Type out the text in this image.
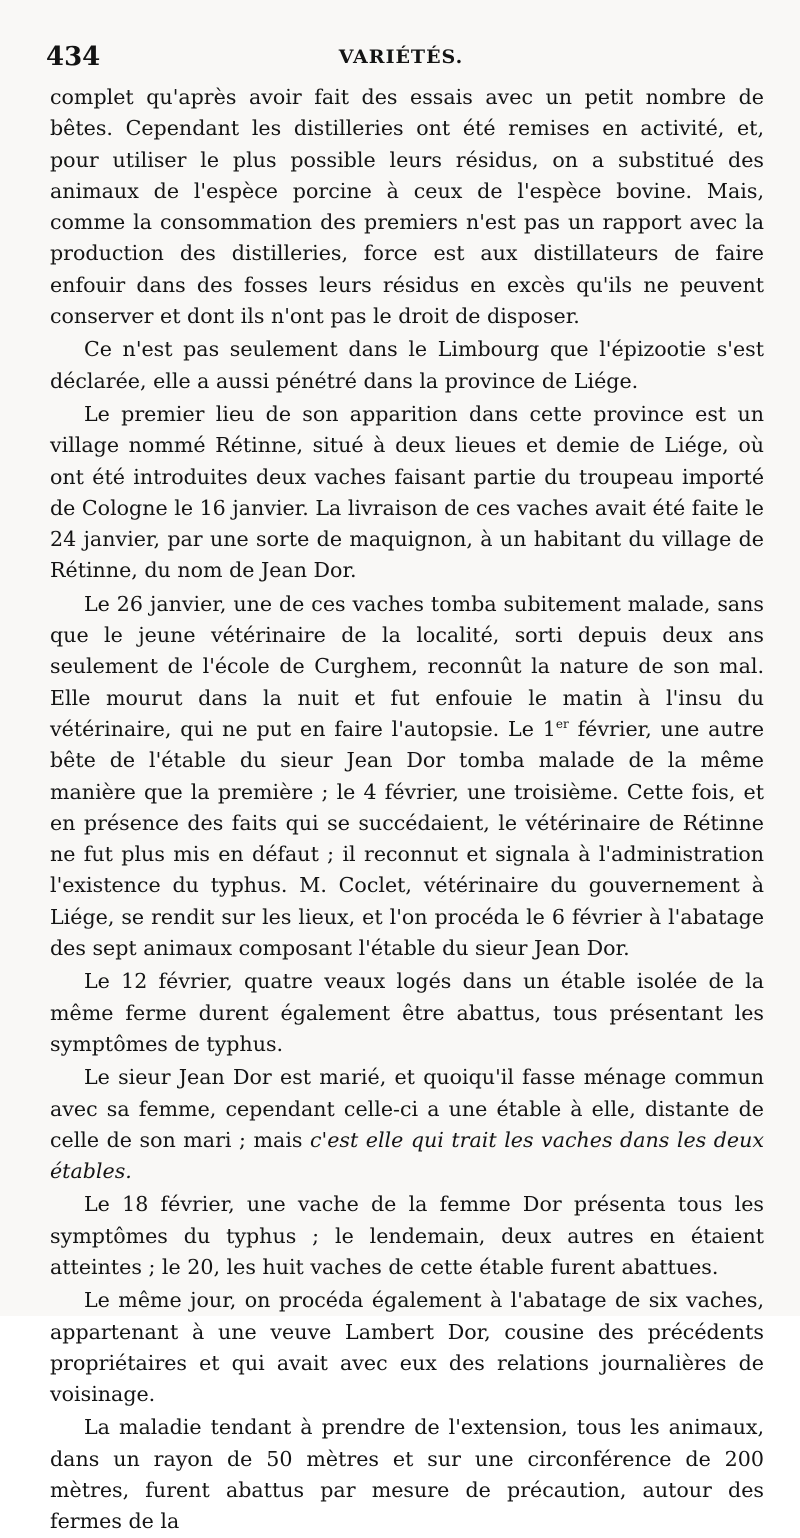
434	VARIÉTÉS.

complet qu'après avoir fait des essais avec un petit nombre de bêtes. Cependant les distilleries ont été remises en activité, et, pour utiliser le plus possible leurs résidus, on a substitué des animaux de l'espèce porcine à ceux de l'espèce bovine. Mais, comme la consommation des premiers n'est pas un rapport avec la production des distilleries, force est aux distillateurs de faire enfouir dans des fosses leurs résidus en excès qu'ils ne peuvent conserver et dont ils n'ont pas le droit de disposer.

Ce n'est pas seulement dans le Limbourg que l'épizootie s'est déclarée, elle a aussi pénétré dans la province de Liége.

Le premier lieu de son apparition dans cette province est un village nommé Rétinne, situé à deux lieues et demie de Liége, où ont été introduites deux vaches faisant partie du troupeau importé de Cologne le 16 janvier. La livraison de ces vaches avait été faite le 24 janvier, par une sorte de maquignon, à un habitant du village de Rétinne, du nom de Jean Dor.

Le 26 janvier, une de ces vaches tomba subitement malade, sans que le jeune vétérinaire de la localité, sorti depuis deux ans seulement de l'école de Curghem, reconnût la nature de son mal. Elle mourut dans la nuit et fut enfouie le matin à l'insu du vétérinaire, qui ne put en faire l'autopsie. Le 1er février, une autre bête de l'étable du sieur Jean Dor tomba malade de la même manière que la première ; le 4 février, une troisième. Cette fois, et en présence des faits qui se succédaient, le vétérinaire de Rétinne ne fut plus mis en défaut ; il reconnut et signala à l'administration l'existence du typhus. M. Coclet, vétérinaire du gouvernement à Liége, se rendit sur les lieux, et l'on procéda le 6 février à l'abatage des sept animaux composant l'étable du sieur Jean Dor.

Le 12 février, quatre veaux logés dans un étable isolée de la même ferme durent également être abattus, tous présentant les symptômes de typhus.

Le sieur Jean Dor est marié, et quoiqu'il fasse ménage commun avec sa femme, cependant celle-ci a une étable à elle, distante de celle de son mari ; mais c'est elle qui trait les vaches dans les deux étables.

Le 18 février, une vache de la femme Dor présenta tous les symptômes du typhus ; le lendemain, deux autres en étaient atteintes ; le 20, les huit vaches de cette étable furent abattues.

Le même jour, on procéda également à l'abatage de six vaches, appartenant à une veuve Lambert Dor, cousine des précédents propriétaires et qui avait avec eux des relations journalières de voisinage.

La maladie tendant à prendre de l'extension, tous les animaux, dans un rayon de 50 mètres et sur une circonférence de 200 mètres, furent abattus par mesure de précaution, autour des fermes de la
